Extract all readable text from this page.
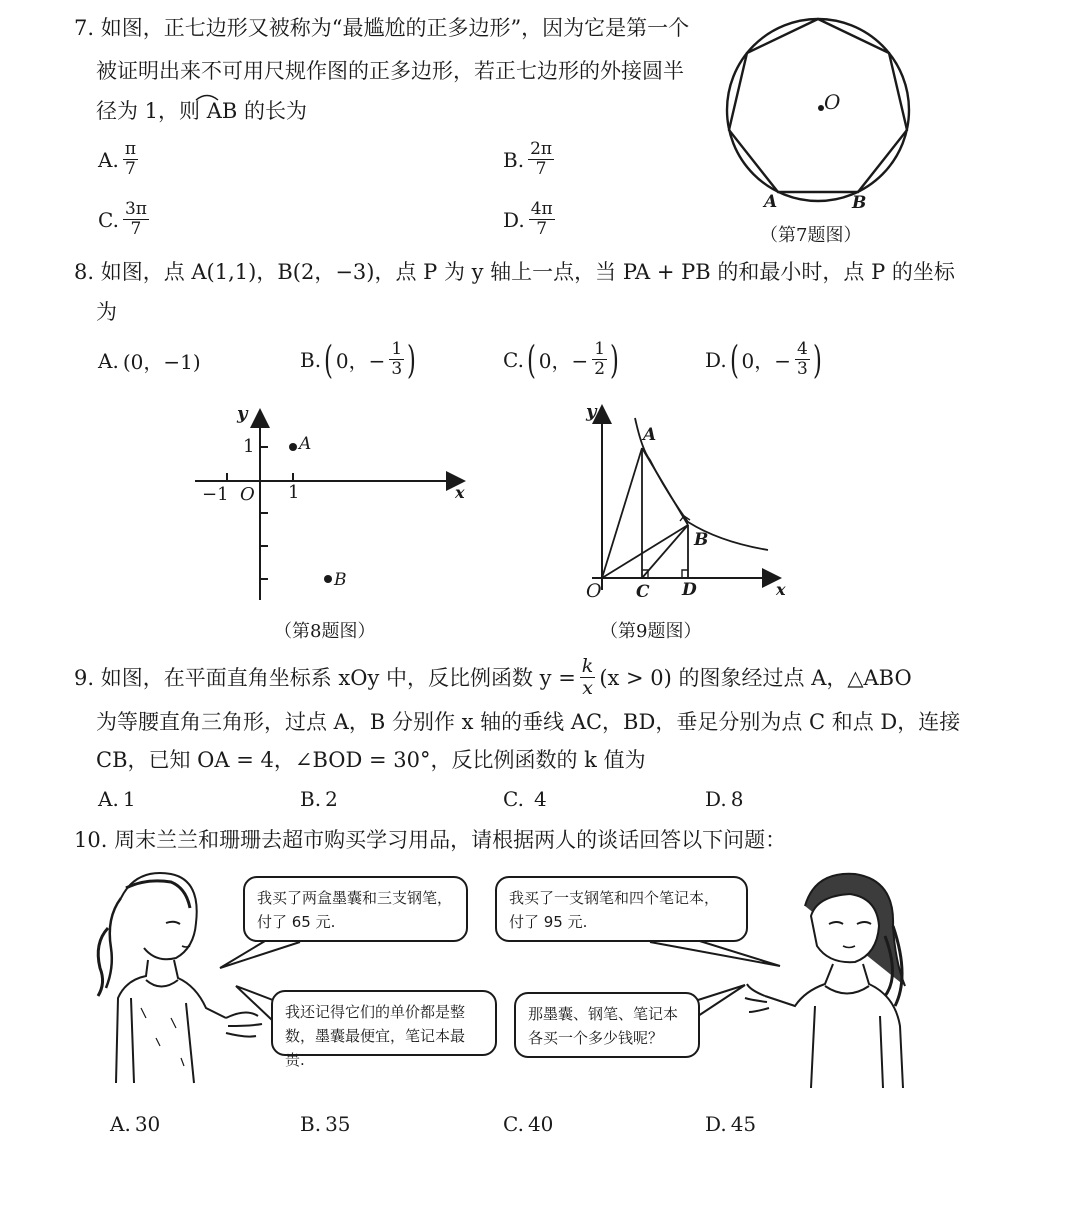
7. 如图，正七边形又被称为“最尴尬的正多边形”，因为它是第一个
被证明出来不可用尺规作图的正多边形，若正七边形的外接圆半
径为 1，则 AB 的长为
A. $\frac{\pi}{7}$	B. $\frac{2\pi}{7}$
C. $\frac{3\pi}{7}$	D. $\frac{4\pi}{7}$
O
A	B
（第7题图）
8. 如图，点 A(1,1)，B(2，−3)，点 P 为 y 轴上一点，当 PA + PB 的和最小时，点 P 的坐标
为
A. (0，−1)	B. ( 0，− $\frac{1}{3}$ )	C. ( 0，− $\frac{1}{2}$ )	D. ( 0，− $\frac{4}{3}$ )
y
x
O
−1	1
1	A
B
（第8题图）
y
x
O
A
B
C D
（第9题图）
9. 如图，在平面直角坐标系 xOy 中，反比例函数 $y = \frac{k}{x} (x > 0)$ 的图象经过点 A，△ABO
为等腰直角三角形，过点 A，B 分别作 x 轴的垂线 AC，BD，垂足分别为点 C 和点 D，连接
CB，已知 OA = 4，∠BOD = 30°，反比例函数的 k 值为
A. 1	B. 2	C. 4	D. 8
10. 周末兰兰和珊珊去超市购买学习用品，请根据两人的谈话回答以下问题：
我买了两盒墨囊和三支钢笔，
付了 65 元.
我还记得它们的单价都是整
数，墨囊最便宜，笔记本最贵.
我买了一支钢笔和四个笔记本，
付了 95 元.
那墨囊、钢笔、笔记本
各买一个多少钱呢？
A. 30	B. 35	C. 40	D. 45
